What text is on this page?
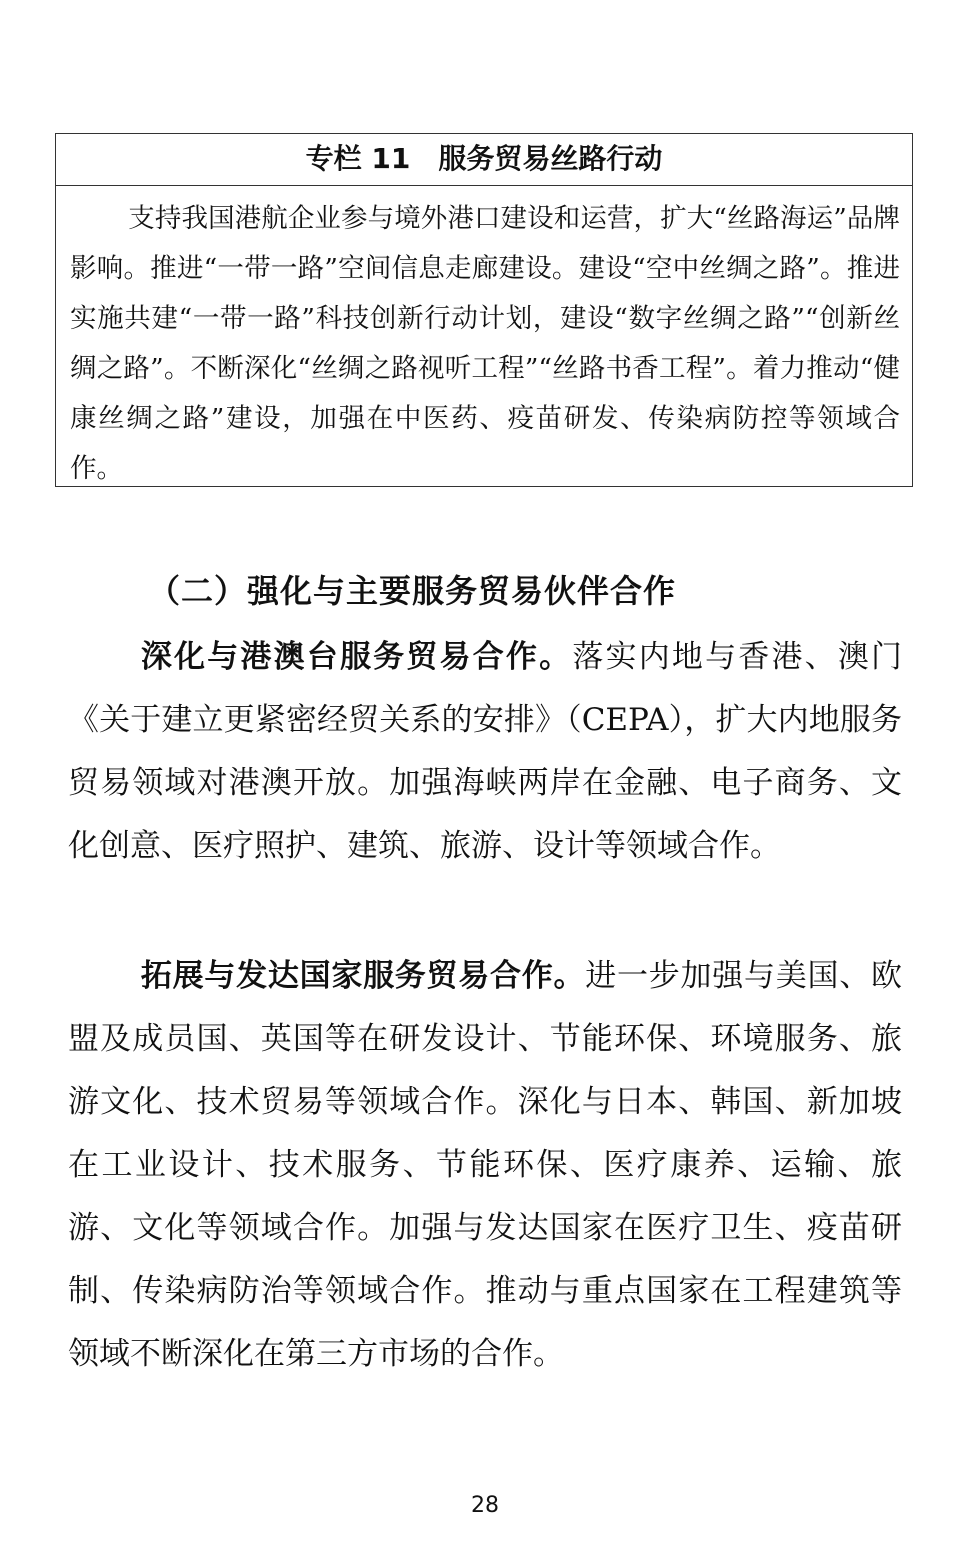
专栏 11　服务贸易丝路行动
支持我国港航企业参与境外港口建设和运营，扩大“丝路海运”品牌影响。推进“一带一路”空间信息走廊建设。建设“空中丝绸之路”。推进实施共建“一带一路”科技创新行动计划，建设“数字丝绸之路”“创新丝绸之路”。不断深化“丝绸之路视听工程”“丝路书香工程”。着力推动“健康丝绸之路”建设，加强在中医药、疫苗研发、传染病防控等领域合作。
（二）强化与主要服务贸易伙伴合作
深化与港澳台服务贸易合作。落实内地与香港、澳门《关于建立更紧密经贸关系的安排》（CEPA），扩大内地服务贸易领域对港澳开放。加强海峡两岸在金融、电子商务、文化创意、医疗照护、建筑、旅游、设计等领域合作。
拓展与发达国家服务贸易合作。进一步加强与美国、欧盟及成员国、英国等在研发设计、节能环保、环境服务、旅游文化、技术贸易等领域合作。深化与日本、韩国、新加坡在工业设计、技术服务、节能环保、医疗康养、运输、旅游、文化等领域合作。加强与发达国家在医疗卫生、疫苗研制、传染病防治等领域合作。推动与重点国家在工程建筑等领域不断深化在第三方市场的合作。
28
